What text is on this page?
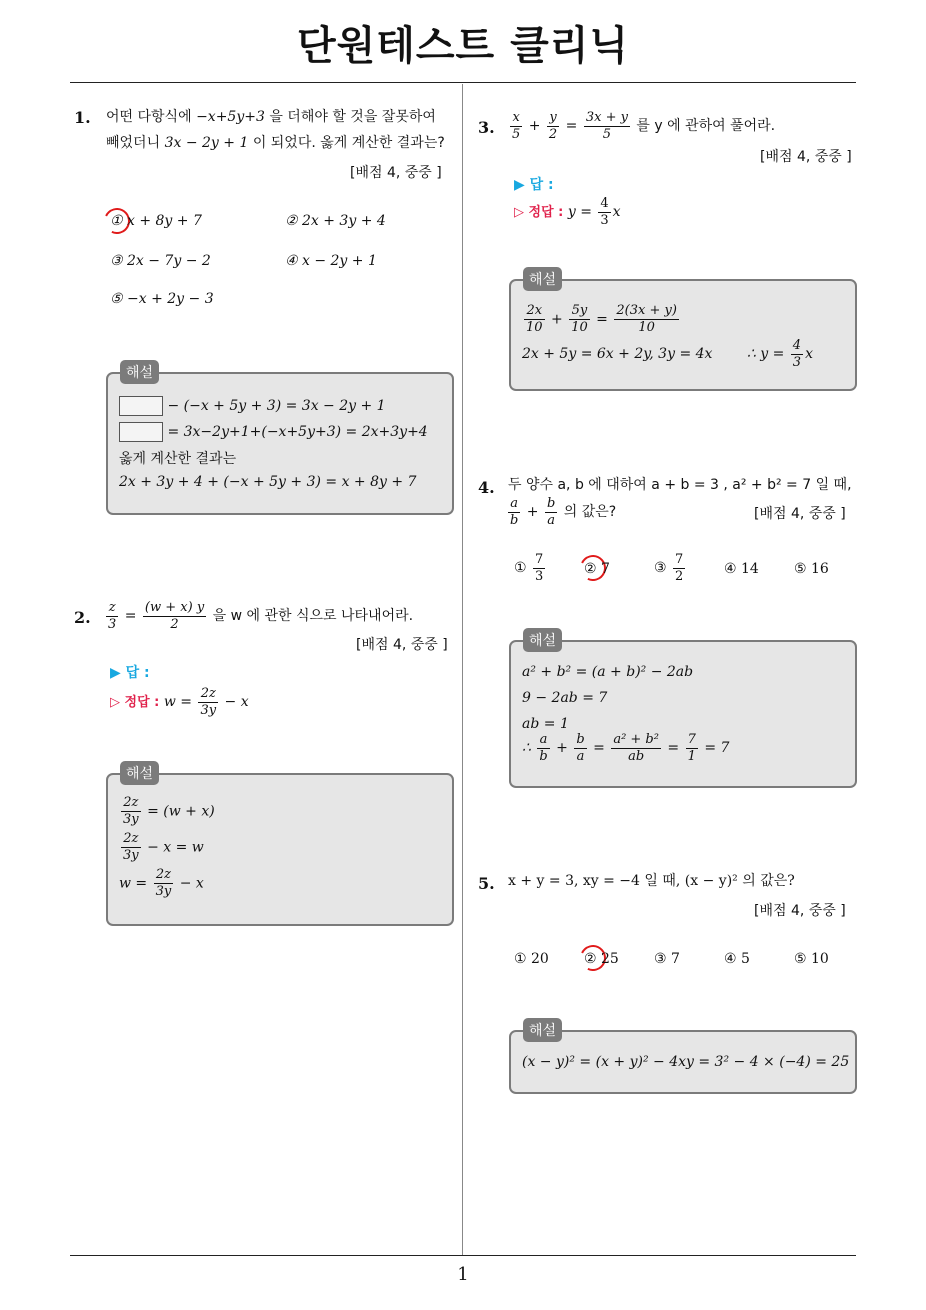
단원테스트 클리닉
1
1. 어떤 다항식에 −x+5y+3 을 더해야 할 것을 잘못하여
빼었더니 3x − 2y + 1 이 되었다. 옳게 계산한 결과는?
[배점 4, 중중 ]
① x + 8y + 7	② 2x + 3y + 4
③ 2x − 7y − 2	④ x − 2y + 1
⑤ −x + 2y − 3
해설
− (−x + 5y + 3) = 3x − 2y + 1
= 3x−2y+1+(−x+5y+3) = 2x+3y+4
옳게 계산한 결과는
2x + 3y + 4 + (−x + 5y + 3) = x + 8y + 7
2. $\frac{z}{3} = \frac{(w + x) y}{2}$ 을 w 에 관한 식으로 나타내어라.
[배점 4, 중중 ]
▶ 답 :
▷ 정답 : $w = \frac{2z}{3y} - x$
해설
$\frac{2z}{3y} = (w + x)$
$\frac{2z}{3y} - x = w$
$w = \frac{2z}{3y} - x$
3. $\frac{x}{5} + \frac{y}{2} = \frac{3x + y}{5}$ 를 y 에 관하여 풀어라.
[배점 4, 중중 ]
▶ 답 :
▷ 정답 : $y = \frac{4}{3}$ x
해설
$\frac{2x}{10} + \frac{5y}{10} = \frac{2(3x + y)}{10}$
2x + 5y = 6x + 2y, 3y = 4x ∴ $y = \frac{4}{3}$ x
4. 두 양수 a, b 에 대하여 a + b = 3 , a² + b² = 7 일 때,
$\frac{a}{b} + \frac{b}{a}$ 의 값은?	[배점 4, 중중 ]
① $\frac{7}{3}$	② 7	③ $\frac{7}{2}$	④ 14	⑤ 16
해설
a² + b² = (a + b)² − 2ab
9 − 2ab = 7
ab = 1
∴ $\frac{a}{b} + \frac{b}{a} = \frac{\text{a² + b²}}{ab} = \frac{7}{1} = 7$
5. x + y = 3, xy = −4 일 때, (x − y)² 의 값은?
[배점 4, 중중 ]
① 20	② 25	③ 7	④ 5	⑤ 10
해설
(x − y)² = (x + y)² − 4xy = 3² − 4 × (−4) = 25
